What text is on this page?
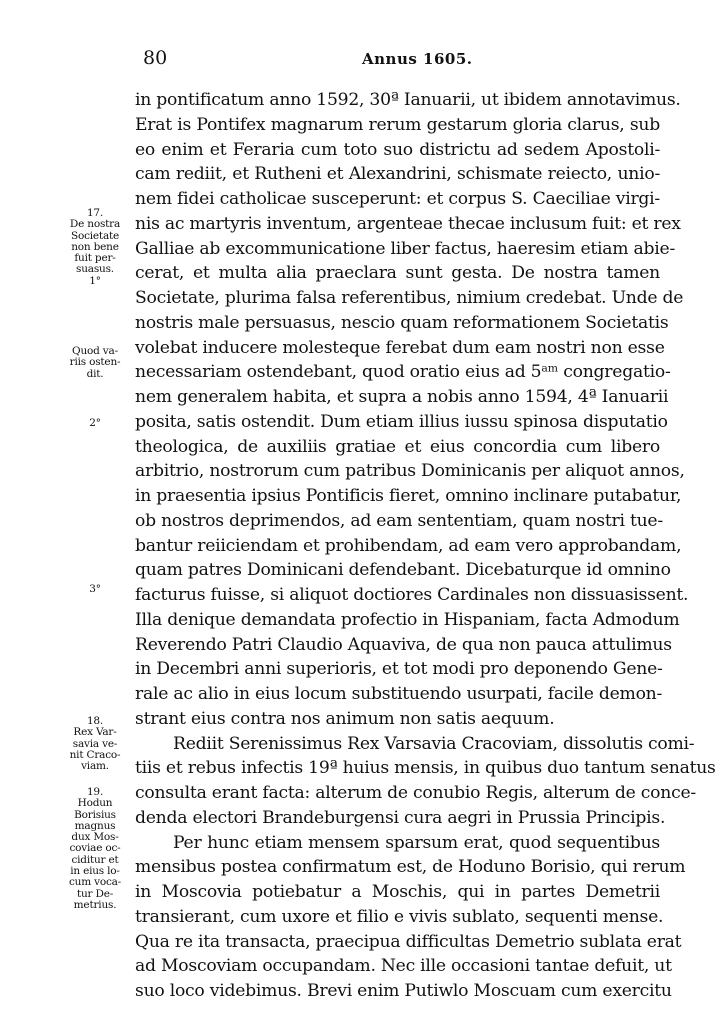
80	Annus 1605.
17.
De nostra
Societate
non bene
fuit per-
suasus.
1°
Quod va-
riis osten-
dit.
2°
3°
18.
Rex Var-
savia ve-
nit Craco-
viam.
19.
Hodun
Borisius
magnus
dux Mos-
coviae oc-
ciditur et
in eius lo-
cum voca-
tur De-
metrius.
in pontificatum anno 1592, 30ª Ianuarii, ut ibidem annotavimus.
Erat is Pontifex magnarum rerum gestarum gloria clarus, sub
eo enim et Feraria cum toto suo districtu ad sedem Apostoli-
cam rediit, et Rutheni et Alexandrini, schismate reiecto, unio-
nem fidei catholicae susceperunt: et corpus S. Caeciliae virgi-
nis ac martyris inventum, argenteae thecae inclusum fuit: et rex
Galliae ab excommunicatione liber factus, haeresim etiam abie-
cerat, et multa alia praeclara sunt gesta. De nostra tamen
Societate, plurima falsa referentibus, nimium credebat. Unde de
nostris male persuasus, nescio quam reformationem Societatis
volebat inducere molesteque ferebat dum eam nostri non esse
necessariam ostendebant, quod oratio eius ad 5ᵃᵐ congregatio-
nem generalem habita, et supra a nobis anno 1594, 4ª Ianuarii
posita, satis ostendit. Dum etiam illius iussu spinosa disputatio
theologica, de auxiliis gratiae et eius concordia cum libero
arbitrio, nostrorum cum patribus Dominicanis per aliquot annos,
in praesentia ipsius Pontificis fieret, omnino inclinare putabatur,
ob nostros deprimendos, ad eam sententiam, quam nostri tue-
bantur reiiciendam et prohibendam, ad eam vero approbandam,
quam patres Dominicani defendebant. Dicebaturque id omnino
facturus fuisse, si aliquot doctiores Cardinales non dissuasissent.
Illa denique demandata profectio in Hispaniam, facta Admodum
Reverendo Patri Claudio Aquaviva, de qua non pauca attulimus
in Decembri anni superioris, et tot modi pro deponendo Gene-
rale ac alio in eius locum substituendo usurpati, facile demon-
strant eius contra nos animum non satis aequum.
Rediit Serenissimus Rex Varsavia Cracoviam, dissolutis comi-
tiis et rebus infectis 19ª huius mensis, in quibus duo tantum senatus
consulta erant facta: alterum de conubio Regis, alterum de conce-
denda electori Brandeburgensi cura aegri in Prussia Principis.
Per hunc etiam mensem sparsum erat, quod sequentibus
mensibus postea confirmatum est, de Hoduno Borisio, qui rerum
in Moscovia potiebatur a Moschis, qui in partes Demetrii
transierant, cum uxore et filio e vivis sublato, sequenti mense.
Qua re ita transacta, praecipua difficultas Demetrio sublata erat
ad Moscoviam occupandam. Nec ille occasioni tantae defuit, ut
suo loco videbimus. Brevi enim Putiwlo Moscuam cum exercitu
